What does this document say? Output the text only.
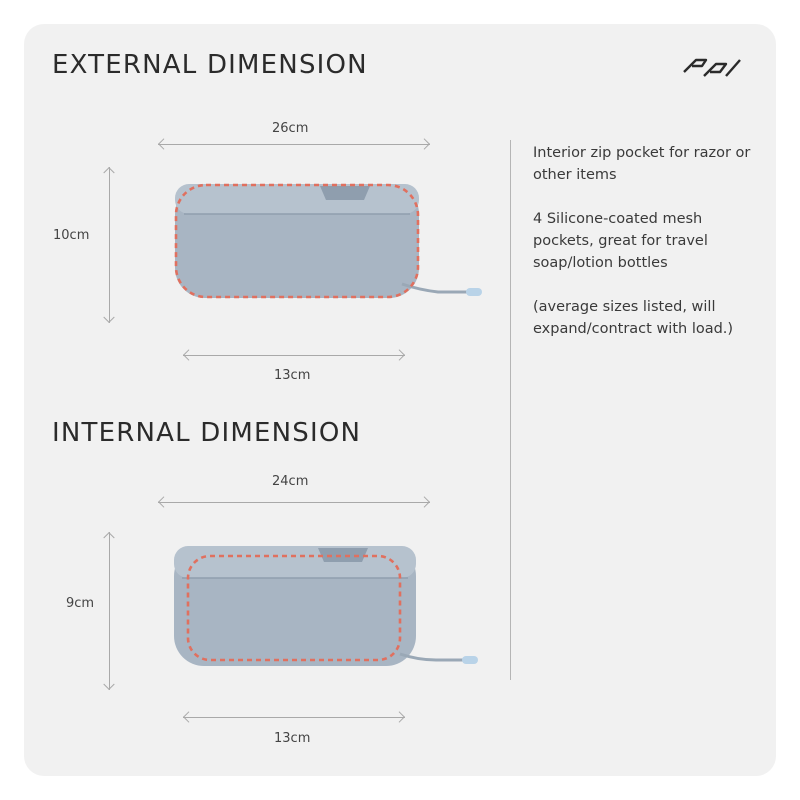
EXTERNAL DIMENSION
26cm
10cm
13cm
INTERNAL DIMENSION
24cm
9cm
13cm

Interior zip pocket for razor or other items

4 Silicone-coated mesh pockets, great for travel soap/lotion bottles

(average sizes listed, will expand/contract with load.)
